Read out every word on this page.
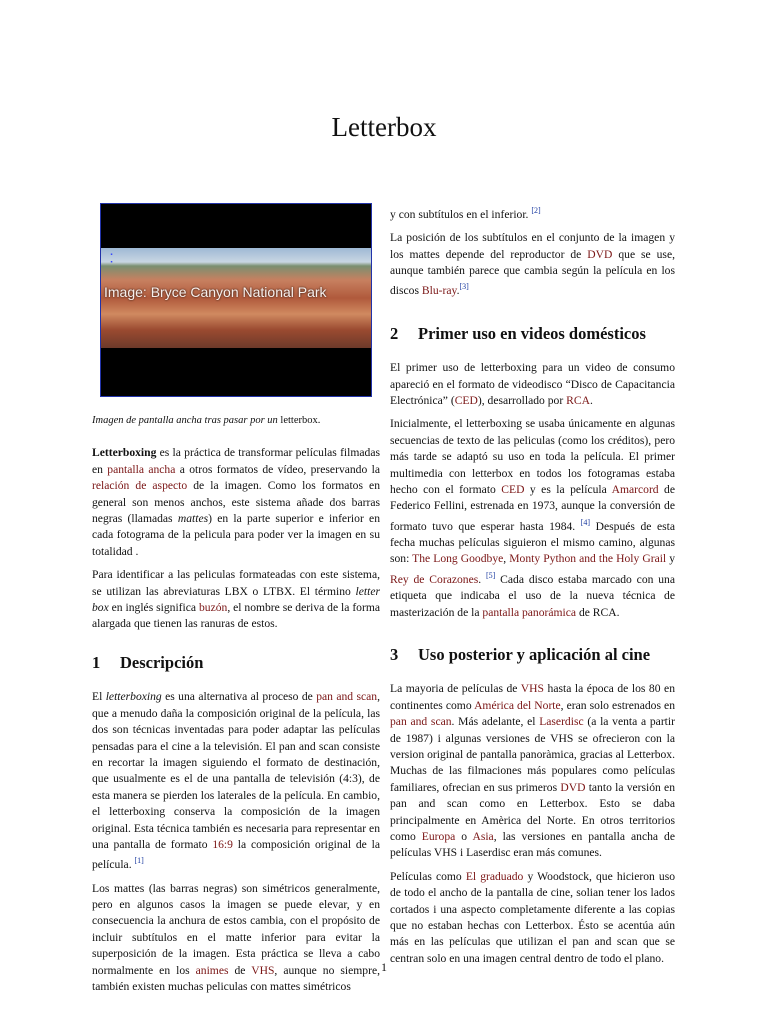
Letterbox
▪ ▪
Image: Bryce Canyon National Park
Imagen de pantalla ancha tras pasar por un letterbox.

Letterboxing es la práctica de transformar películas filmadas en pantalla ancha a otros formatos de vídeo, preservando la relación de aspecto de la imagen. Como los formatos en general son menos anchos, este sistema añade dos barras negras (llamadas mattes) en la parte superior e inferior en cada fotograma de la pelicula para poder ver la imagen en su totalidad .

Para identificar a las peliculas formateadas con este sistema, se utilizan las abreviaturas LBX o LTBX. El término letter box en inglés significa buzón, el nombre se deriva de la forma alargada que tienen las ranuras de estos.

1 Descripción

El letterboxing es una alternativa al proceso de pan and scan, que a menudo daña la composición original de la película, las dos son técnicas inventadas para poder adaptar las películas pensadas para el cine a la televisión. El pan and scan consiste en recortar la imagen siguiendo el formato de destinación, que usualmente es el de una pantalla de televisión (4:3), de esta manera se pierden los laterales de la película. En cambio, el letterboxing conserva la composición de la imagen original. Esta técnica también es necesaria para representar en una pantalla de formato 16:9 la composición original de la película. [1]

Los mattes (las barras negras) son simétricos generalmente, pero en algunos casos la imagen se puede elevar, y en consecuencia la anchura de estos cambia, con el propósito de incluir subtítulos en el matte inferior para evitar la superposición de la imagen. Esta práctica se lleva a cabo normalmente en los animes de VHS, aunque no siempre, también existen muchas peliculas con mattes simétricos

y con subtítulos en el inferior. [2]

La posición de los subtítulos en el conjunto de la imagen y los mattes depende del reproductor de DVD que se use, aunque también parece que cambia según la película en los discos Blu-ray.[3]

2 Primer uso en videos domésticos

El primer uso de letterboxing para un video de consumo apareció en el formato de videodisco “Disco de Capacitancia Electrónica” (CED), desarrollado por RCA.

Inicialmente, el letterboxing se usaba únicamente en algunas secuencias de texto de las peliculas (como los créditos), pero más tarde se adaptó su uso en toda la película. El primer multimedia con letterbox en todos los fotogramas estaba hecho con el formato CED y es la película Amarcord de Federico Fellini, estrenada en 1973, aunque la conversión de formato tuvo que esperar hasta 1984. [4] Después de esta fecha muchas películas siguieron el mismo camino, algunas son: The Long Goodbye, Monty Python and the Holy Grail y Rey de Corazones. [5] Cada disco estaba marcado con una etiqueta que indicaba el uso de la nueva técnica de masterización de la pantalla panorámica de RCA.

3 Uso posterior y aplicación al cine

La mayoria de películas de VHS hasta la época de los 80 en continentes como América del Norte, eran solo estrenados en pan and scan. Más adelante, el Laserdisc (a la venta a partir de 1987) i algunas versiones de VHS se ofrecieron con la version original de pantalla panoràmica, gracias al Letterbox. Muchas de las filmaciones más populares como películas familiares, ofrecian en sus primeros DVD tanto la versión en pan and scan como en Letterbox. Esto se daba principalmente en Amèrica del Norte. En otros territorios como Europa o Asia, las versiones en pantalla ancha de películas VHS i Laserdisc eran más comunes.

Películas como El graduado y Woodstock, que hicieron uso de todo el ancho de la pantalla de cine, solian tener los lados cortados i una aspecto completamente diferente a las copias que no estaban hechas con Letterbox. Ésto se acentúa aún más en las películas que utilizan el pan and scan que se centran solo en una imagen central dentro de todo el plano.

1
